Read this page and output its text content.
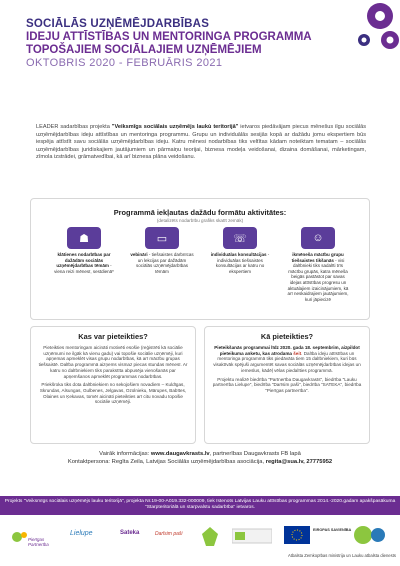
SOCIĀLĀS UZŅĒMĒJDARBĪBAS
IDEJU ATTĪSTĪBAS UN MENTORINGA PROGRAMMA
TOPOŠAJIEM SOCIĀLAJIEM UZŅĒMĒJIEM
OKTOBRIS 2020 - FEBRUĀRIS 2021
LEADER sadarbības projekta "Veiksmīgs sociālais uzņēmējs laukù teritorijā" ietvaros piedāvājam piecus mēnešus ilgu sociālās uzņēmējdarbības ideju attīstības un mentoringa programmu. Grupu un individuālās sesijās kopā ar dažādu jomu ekspertiem būs iespēja attīstīt savu sociālās uzņēmējdarbības ideju. Katru mēnesi nodarbības tiks veltītas kādam noteiktam tematam – sociālās uzņēmējdarbības juridiskajiem jautājumiem un pārmaiņu teorijai, biznesa modeļa veidošanai, dizaina domāšanai, mārketingam, zīmola izstrādei, grāmatvedībai, kā arī biznesa plāna veidošanu.
Programmā iekļautas dažādu formātu aktivitātes:
(detalizēts nodarbību grafiks skatīt zemāk)
☗
klātienes nodarbības par dažādām sociālās uzņēmējdarbības tēmām - viena reizi mēnesī, sestdienā*
▭
vebināri - tiešsaistes darbnīcas un lekcijas par dažādām sociālās uzņēmējdarbības tēmām
☏
individuālas konsultācijas - individuālas tiešsaistes konsultācijas ar katru no ekspertiem
☺
ikmēneša mācību grupu tiešsaistes tikšanās - visi dalībnieki tiks sadalīti trīs mācību grupās, katra mēneša beigās pastāstot par savas idejas attīstības progresu un aktuālajiem izaicinājumiem, kā arī neskaidrajiem jautājumiem, kuri jāpiecizē
Kas var pieteikties?

Pieteikties mentoringam aicināti motivēti esošie (reģistrēti kā sociālie uzņēmumi ne ilgāk kā vienu gadu) vai topošie sociālie uzņēmēji, kuri apņemas apmeklēt visas grupu nodarbības, kā arī mācību grupas tiešsaistē. Dalība programmā aizņems vismaz piecas stundas mēnesī. Ar katru no dalībniekiem tiks parakstīta abpusēja vienošanās par apņemšanos apmeklēt programmas nodarbības.

Priekšroka tiks dota dalībniekiem no sekojošiem novadiem – Kuldīgas, Skrundas, Alsungas, Gulbenes, Jelgavas, Ozolnieku, Mārupes, Babītes, Olaines un Ķekavas, tomēr aicināti pieteikties arī citu novadu topošie sociālie uzņēmēji.

Kā pieteikties?

Pieteikšanās programmai līdz 2020. gada 18. septembrim, aizpildot pieteikuma anketu, kas atrodama šeit. Dalība ideju attīstības un mentoringa programmā tiks piedāvāta tiem 15 dalībniekiem, kuri būs visaktīvāk spējuši argumentēt savas sociālās uzņēmējdarbības idejas un iemeslus, kādēļ vēlas piedalīties programmā.

Projektu realizē biedrība "Partnerība Daugavkrasts", biedrība "Lauku partnerība Lielupe", biedrība "Darīsim paši", biedrība "SATEKA", biedrība "Pierīgas partnerība".

Vairāk informācijas: www.daugavkrasts.lv, partnerības Daugavkrasts FB lapā
Kontaktpersona: Regīta Zeila, Latvijas Sociālās uzņēmējdarbības asociācija, regita@sua.lv, 27775952
Projekts "Veiksmīgs sociālais uzņēmējs lauku teritorijā", projekta Nr.19-00-A019.332-000009, tiek īstenots Latvijas Lauku attīstības programmas 2014.-2020.gadam apakšpasākuma "Starpteritoriālā un starpvalstu sadarbība" ietvaros.
Pierīgas Partnerība
Lielupe	Sateka	Darīsim paši
EIROPAS SAVIENĪBA
Atbalsta Zemkopības ministrija un Lauku atbalsta dienests
